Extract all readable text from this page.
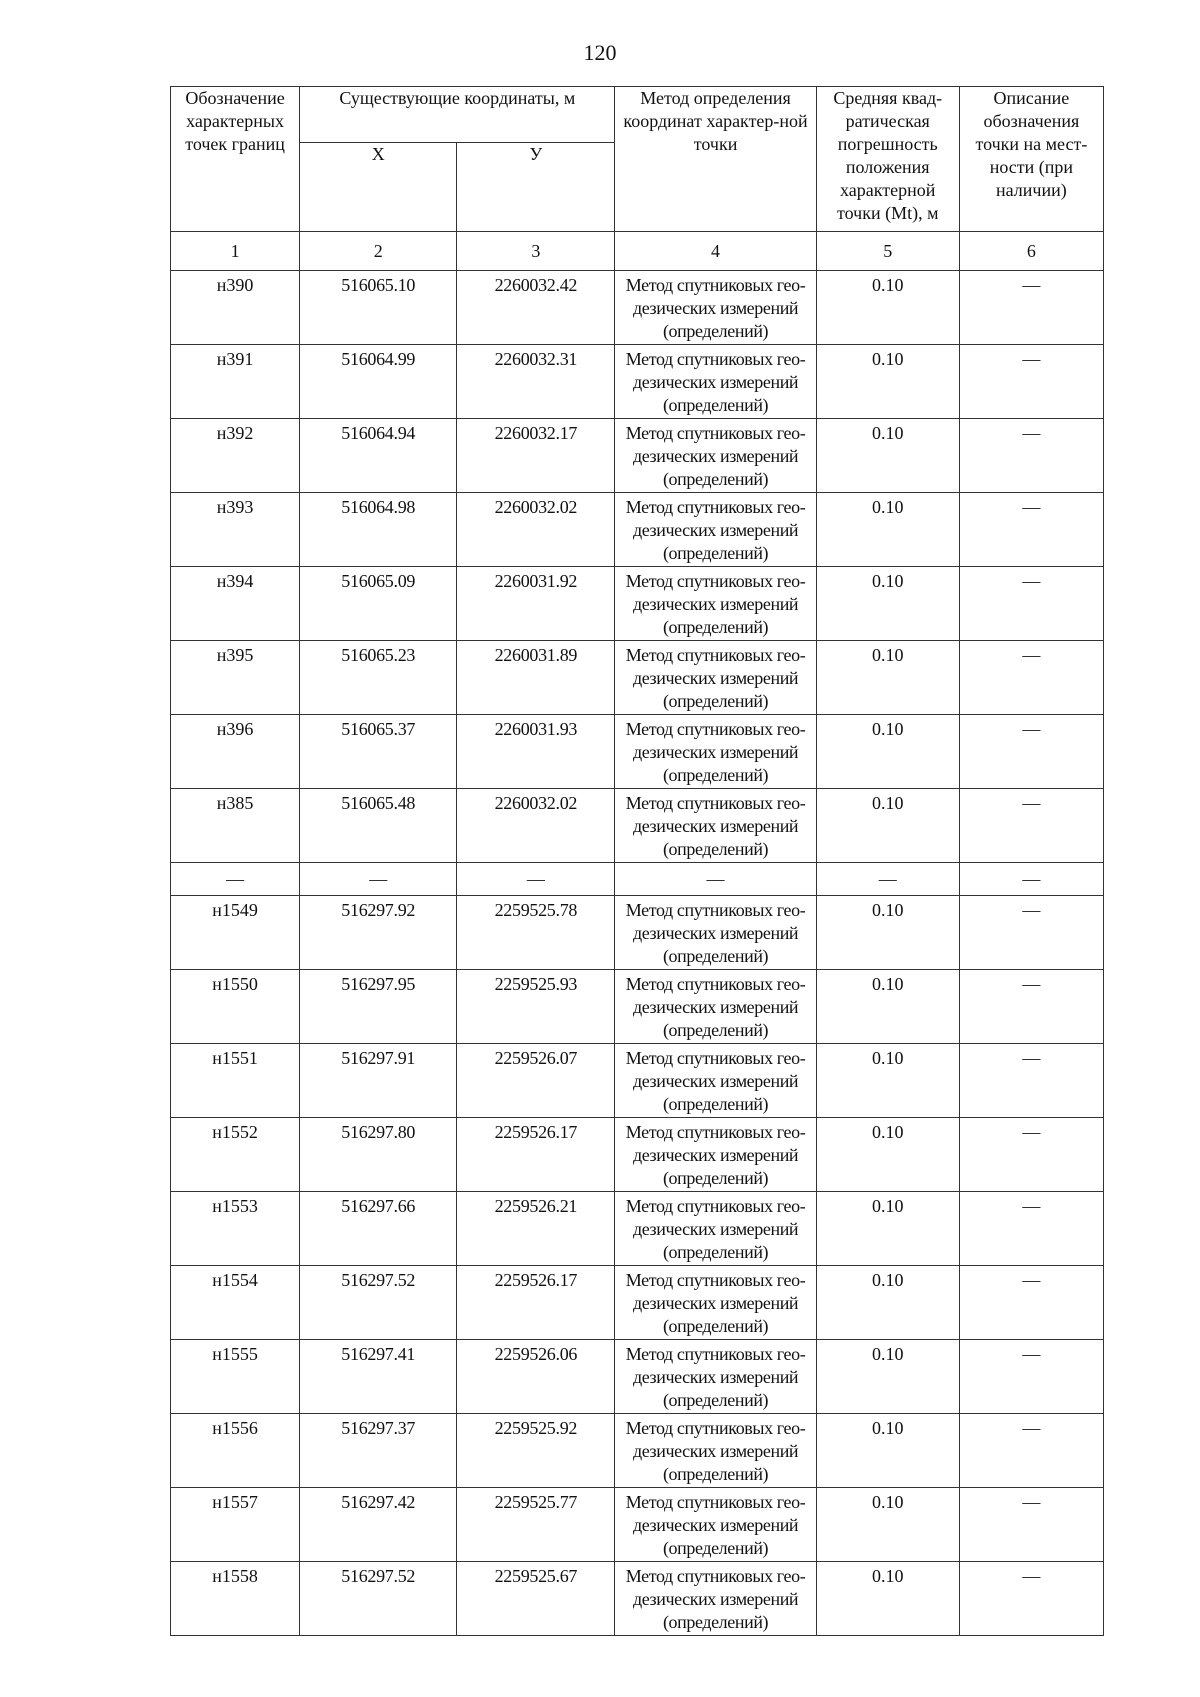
120
Обозначение характерных точек границ	Существующие координаты, м		Метод определения координат характер-ной точки	Средняя квад-ратическая погрешность положения характерной точки (Mt), м	Описание обозначения точки на мест-ности (при наличии)
	X	У			
1	2	3	4	5	6
н390	516065.10	2260032.42	Метод спутниковых гео-дезических измерений (определений)	0.10	—
н391	516064.99	2260032.31	Метод спутниковых гео-дезических измерений (определений)	0.10	—
н392	516064.94	2260032.17	Метод спутниковых гео-дезических измерений (определений)	0.10	—
н393	516064.98	2260032.02	Метод спутниковых гео-дезических измерений (определений)	0.10	—
н394	516065.09	2260031.92	Метод спутниковых гео-дезических измерений (определений)	0.10	—
н395	516065.23	2260031.89	Метод спутниковых гео-дезических измерений (определений)	0.10	—
н396	516065.37	2260031.93	Метод спутниковых гео-дезических измерений (определений)	0.10	—
н385	516065.48	2260032.02	Метод спутниковых гео-дезических измерений (определений)	0.10	—
—	—	—	—	—	—
н1549	516297.92	2259525.78	Метод спутниковых гео-дезических измерений (определений)	0.10	—
н1550	516297.95	2259525.93	Метод спутниковых гео-дезических измерений (определений)	0.10	—
н1551	516297.91	2259526.07	Метод спутниковых гео-дезических измерений (определений)	0.10	—
н1552	516297.80	2259526.17	Метод спутниковых гео-дезических измерений (определений)	0.10	—
н1553	516297.66	2259526.21	Метод спутниковых гео-дезических измерений (определений)	0.10	—
н1554	516297.52	2259526.17	Метод спутниковых гео-дезических измерений (определений)	0.10	—
н1555	516297.41	2259526.06	Метод спутниковых гео-дезических измерений (определений)	0.10	—
н1556	516297.37	2259525.92	Метод спутниковых гео-дезических измерений (определений)	0.10	—
н1557	516297.42	2259525.77	Метод спутниковых гео-дезических измерений (определений)	0.10	—
н1558	516297.52	2259525.67	Метод спутниковых гео-дезических измерений (определений)	0.10	—
